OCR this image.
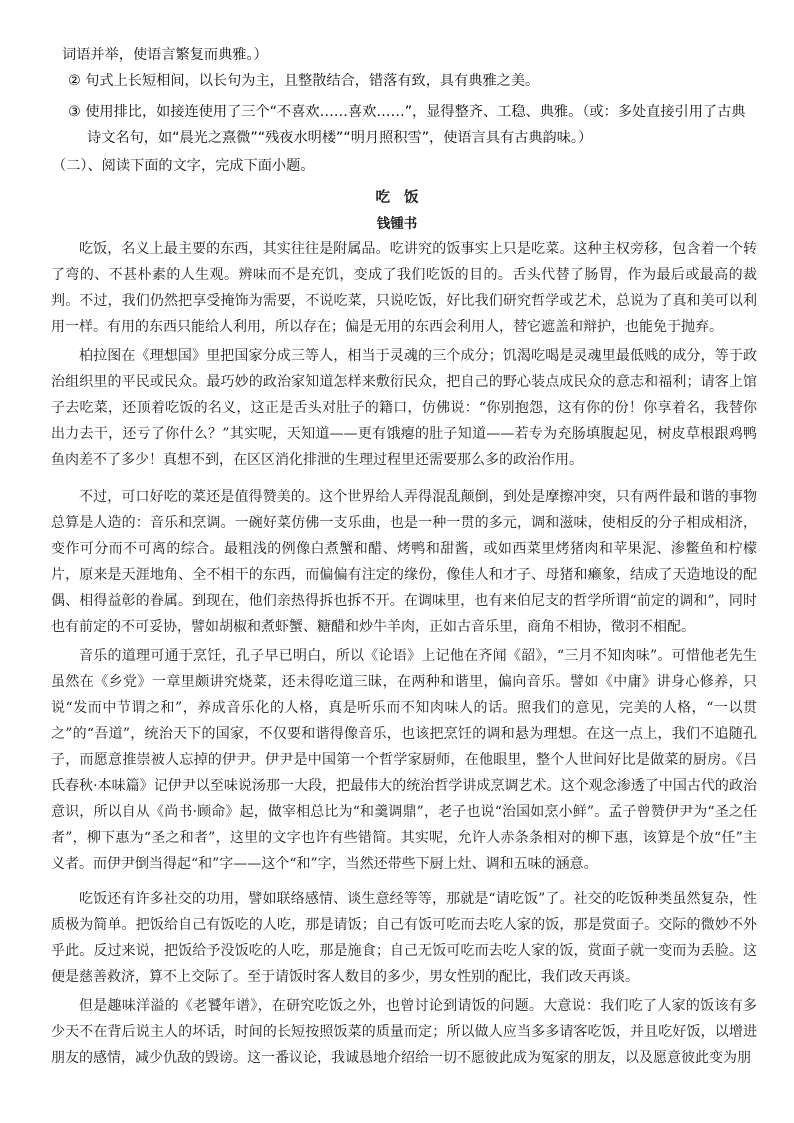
词语并举，使语言繁复而典雅。）
② 句式上长短相间，以长句为主，且整散结合，错落有致，具有典雅之美。
③ 使用排比，如接连使用了三个“不喜欢……喜欢……”，显得整齐、工稳、典雅。（或：多处直接引用了古典
诗文名句，如“晨光之熹微”“残夜水明楼”“明月照积雪”，使语言具有古典韵味。）
（二）、阅读下面的文字，完成下面小题。
吃饭
钱锺书

吃饭，名义上最主要的东西，其实往往是附属品。吃讲究的饭事实上只是吃菜。这种主权旁移，包含着一个转了弯的、不甚朴素的人生观。辨味而不是充饥，变成了我们吃饭的目的。舌头代替了肠胃，作为最后或最高的裁判。不过，我们仍然把享受掩饰为需要，不说吃菜，只说吃饭，好比我们研究哲学或艺术，总说为了真和美可以利用一样。有用的东西只能给人利用，所以存在；偏是无用的东西会利用人，替它遮盖和辩护，也能免于抛弃。

柏拉图在《理想国》里把国家分成三等人，相当于灵魂的三个成分；饥渴吃喝是灵魂里最低贱的成分，等于政治组织里的平民或民众。最巧妙的政治家知道怎样来敷衍民众，把自己的野心装点成民众的意志和福利；请客上馆子去吃菜，还顶着吃饭的名义，这正是舌头对肚子的籍口，仿佛说：“你别抱怨，这有你的份！你享着名，我替你出力去干，还亏了你什么？”其实呢，天知道——更有饿瘪的肚子知道——若专为充肠填腹起见，树皮草根跟鸡鸭鱼肉差不了多少！真想不到，在区区消化排泄的生理过程里还需要那么多的政治作用。

不过，可口好吃的菜还是值得赞美的。这个世界给人弄得混乱颠倒，到处是摩擦冲突，只有两件最和谐的事物总算是人造的：音乐和烹调。一碗好菜仿佛一支乐曲，也是一种一贯的多元，调和滋味，使相反的分子相成相济，变作可分而不可离的综合。最粗浅的例像白煮蟹和醋、烤鸭和甜酱，或如西菜里烤猪肉和苹果泥、渗鳖鱼和柠檬片，原来是天涯地角、全不相干的东西，而偏偏有注定的缘份，像佳人和才子、母猪和癞象，结成了天造地设的配偶、相得益彰的眷属。到现在，他们亲热得拆也拆不开。在调味里，也有来伯尼支的哲学所谓“前定的调和”，同时也有前定的不可妥协，譬如胡椒和煮虾蟹、糖醋和炒牛羊肉，正如古音乐里，商角不相协，徵羽不相配。

音乐的道理可通于烹饪，孔子早已明白，所以《论语》上记他在齐闻《韶》，“三月不知肉味”。可惜他老先生虽然在《乡党》一章里颇讲究烧菜，还未得吃道三昧，在两种和谐里，偏向音乐。譬如《中庸》讲身心修养，只说“发而中节谓之和”，养成音乐化的人格，真是听乐而不知肉味人的话。照我们的意见，完美的人格，“一以贯之”的“吾道”，统治天下的国家，不仅要和谐得像音乐，也该把烹饪的调和悬为理想。在这一点上，我们不追随孔子，而愿意推崇被人忘掉的伊尹。伊尹是中国第一个哲学家厨师，在他眼里，整个人世间好比是做菜的厨房。《吕氏春秋·本味篇》记伊尹以至味说汤那一大段，把最伟大的统治哲学讲成烹调艺术。这个观念渗透了中国古代的政治意识，所以自从《尚书·顾命》起，做宰相总比为“和羹调鼎”，老子也说“治国如烹小鲜”。孟子曾赞伊尹为“圣之任者”，柳下惠为“圣之和者”，这里的文字也许有些错简。其实呢，允许人赤条条相对的柳下惠，该算是个放“任”主义者。而伊尹倒当得起“和”字——这个“和”字，当然还带些下厨上灶、调和五味的涵意。

吃饭还有许多社交的功用，譬如联络感情、谈生意经等等，那就是“请吃饭”了。社交的吃饭种类虽然复杂，性质极为简单。把饭给自己有饭吃的人吃，那是请饭；自己有饭可吃而去吃人家的饭，那是赏面子。交际的微妙不外乎此。反过来说，把饭给予没饭吃的人吃，那是施食；自己无饭可吃而去吃人家的饭，赏面子就一变而为丢脸。这便是慈善救济，算不上交际了。至于请饭时客人数目的多少，男女性别的配比，我们改天再谈。

但是趣味洋溢的《老饕年谱》，在研究吃饭之外，也曾讨论到请饭的问题。大意说：我们吃了人家的饭该有多少天不在背后说主人的坏话，时间的长短按照饭菜的质量而定；所以做人应当多多请客吃饭，并且吃好饭，以增进朋友的感情，减少仇敌的毁谤。这一番议论，我诚恳地介绍给一切不愿彼此成为冤家的朋友，以及愿意彼此变为朋
